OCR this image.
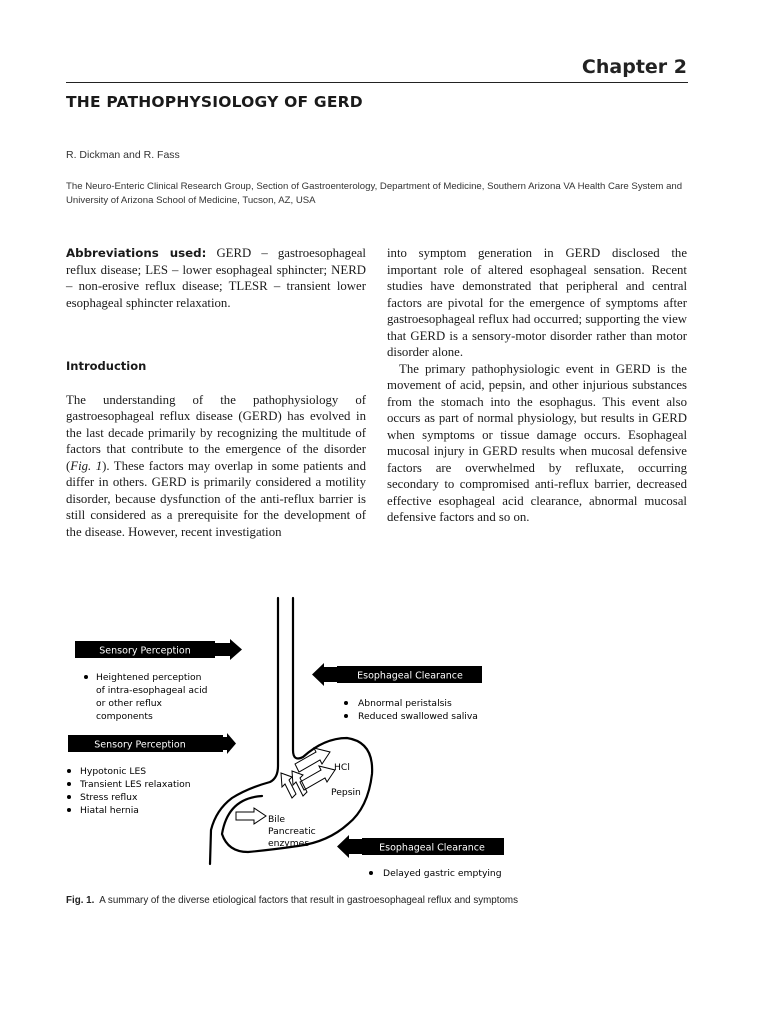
Chapter 2
THE PATHOPHYSIOLOGY OF GERD
R. Dickman and R. Fass
The Neuro-Enteric Clinical Research Group, Section of Gastroenterology, Department of Medicine, Southern Arizona VA Health Care System and University of Arizona School of Medicine, Tucson, AZ, USA

Abbreviations used: GERD – gastroesophageal reflux disease; LES – lower esophageal sphincter; NERD – non-erosive reflux disease; TLESR – transient lower esophageal sphincter relaxation.

Introduction

The understanding of the pathophysiology of gastroesophageal reflux disease (GERD) has evolved in the last decade primarily by recognizing the multitude of factors that contribute to the emergence of the disorder (Fig. 1). These factors may overlap in some patients and differ in others. GERD is primarily considered a motility disorder, because dysfunction of the anti-reflux barrier is still considered as a prerequisite for the development of the disease. However, recent investigation

into symptom generation in GERD disclosed the important role of altered esophageal sensation. Recent studies have demonstrated that peripheral and central factors are pivotal for the emergence of symptoms after gastroesophageal reflux had occurred; supporting the view that GERD is a sensory-motor disorder rather than motor disorder alone.

The primary pathophysiologic event in GERD is the movement of acid, pepsin, and other injurious substances from the stomach into the esophagus. This event also occurs as part of normal physiology, but results in GERD when symptoms or tissue damage occurs. Esophageal mucosal injury in GERD results when mucosal defensive factors are overwhelmed by refluxate, occurring secondary to compromised anti-reflux barrier, decreased effective esophageal acid clearance, abnormal mucosal defensive factors and so on.

Sensory Perception
Heightened perception
of intra-esophageal acid
or other reflux
components
Sensory Perception
Hypotonic LES
Transient LES relaxation
Stress reflux
Hiatal hernia
Esophageal Clearance
Abnormal peristalsis
Reduced swallowed saliva
HCl
Pepsin
Bile
Pancreatic
enzymes	Esophageal Clearance
Delayed gastric emptying
Fig. 1. A summary of the diverse etiological factors that result in gastroesophageal reflux and symptoms
